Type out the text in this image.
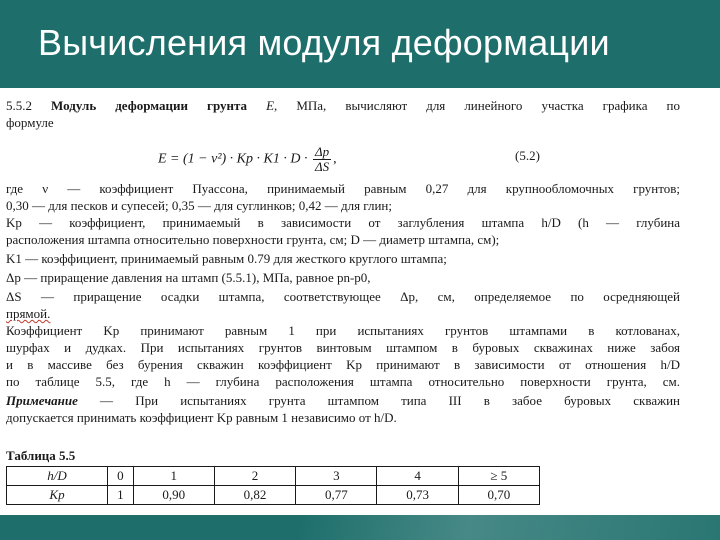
Вычисления модуля деформации
5.5.2 Модуль деформации грунта E, МПа, вычисляют для линейного участка графика по
формуле
$E = (1 - \nu^2) \cdot Kp \cdot K1 \cdot D \cdot \frac{\Delta p}{\Delta S}$ ,	(5.2)
где ν — коэффициент Пуассона, принимаемый равным 0,27 для крупнообломочных грунтов;
0,30 — для песков и супесей; 0,35 — для суглинков; 0,42 — для глин;
Kр — коэффициент, принимаемый в зависимости от заглубления штампа h/D (h — глубина
расположения штампа относительно поверхности грунта, см; D — диаметр штампа, см);
K1 — коэффициент, принимаемый равным 0.79 для жесткого круглого штампа;
Δр — приращение давления на штамп (5.5.1), МПа, равное pn-p0,
ΔS — приращение осадки штампа, соответствующее Δр, см, определяемое по осредняющей
прямой.
Коэффициент Kр принимают равным 1 при испытаниях грунтов штампами в котлованах,
шурфах и дудках. При испытаниях грунтов винтовым штампом в буровых скважинах ниже забоя
и в массиве без бурения скважин коэффициент Kр принимают в зависимости от отношения h/D
по таблице 5.5, где h — глубина расположения штампа относительно поверхности грунта, см.
Примечание — При испытаниях грунта штампом типа III в забое буровых скважин
допускается принимать коэффициент Kр равным 1 независимо от h/D.
Таблица 5.5
h/D	0	1	2	3	4	≥ 5
Kр	1	0,90	0,82	0,77	0,73	0,70
